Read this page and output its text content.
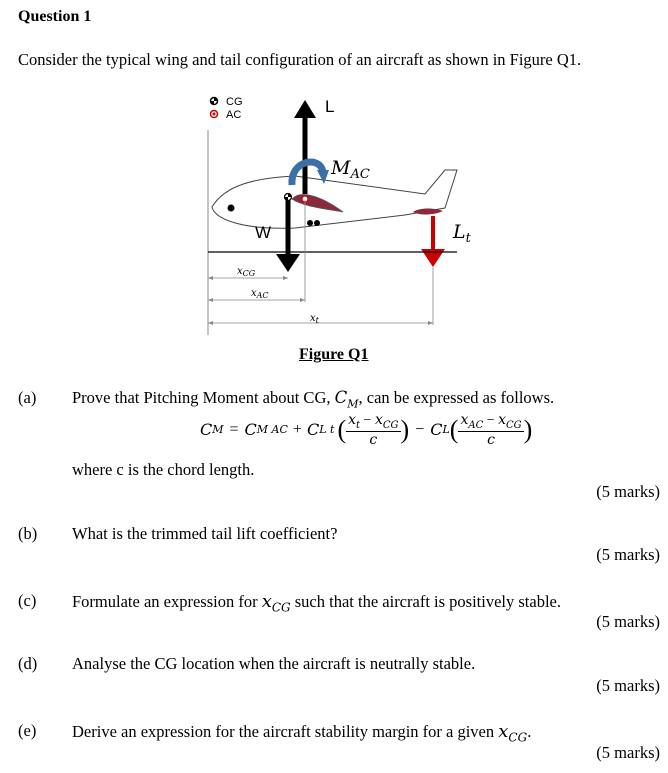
Question 1
Consider the typical wing and tail configuration of an aircraft as shown in Figure Q1.
CG
AC	L
$M_{AC}$
W	$L_t$
$x_{CG}$
$x_{AC}$
$x_t$
Figure Q1
(a) Prove that Pitching Moment about CG, $C_M$, can be expressed as follows.
C M = C M AC + C L t ( $x_t - x_{CG}$
c ) − C L ( $x_{AC} - x_{CG}$
c )
where c is the chord length.
(5 marks)
(b) What is the trimmed tail lift coefficient?
(5 marks)
(c) Formulate an expression for $x_{CG}$ such that the aircraft is positively stable.
(5 marks)
(d) Analyse the CG location when the aircraft is neutrally stable.
(5 marks)
(e) Derive an expression for the aircraft stability margin for a given $x_{CG}$.
(5 marks)
